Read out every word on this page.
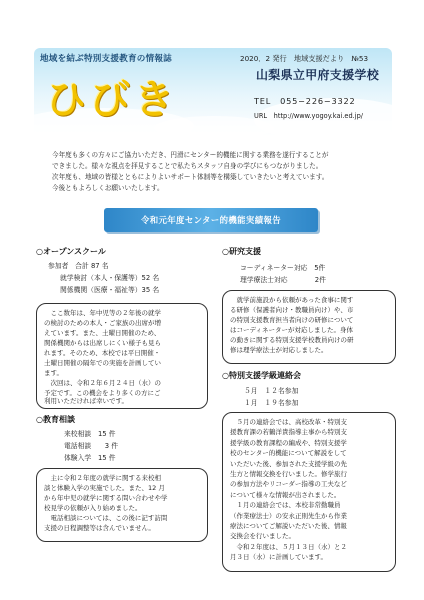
地域を結ぶ特別支援教育の情報誌
ひびき
2020．2 発行　地域支援だより　№53
山梨県立甲府支援学校
TEL　055−226−3322
URL　http://www.yogoy.kai.ed.jp/
今年度も多くの方々にご協力いただき、円滑にセンター的機能に関する業務を遂行することが
できました。様々な視点を拝見することで私たちスタッフ自身の学びにもつながりました。
次年度も、地域の皆様とともによりよいサポート体制等を構築していきたいと考えています。
今後ともよろしくお願いいたします。
令和元年度センター的機能実績報告
○オープンスクール
参加者　合計 87 名
就学検討（本人・保護等）52 名
関係機関（医療・福祉等）35 名
ここ数年は、年中児等の２年後の就学
の検討のための本人・ご家族の出席が増
えています。また、土曜日開催のため、
関係機関からは出席しにくい様子も見ら
れます。そのため、本校では平日開催・
土曜日開催の隔年での実施を計画してい
ます。
次回は、令和２年６月２４日（水）の
○教育相談
来校相談　15 件
電話相談　　3 件
体験入学　15 件
主に令和２年度の就学に関する来校相
談と体験入学の実施でした。また、12 月
から年中児の就学に関する問い合わせや学
校見学の依頼が入り始めました。
電話相談については、この後に記す訪問
支援の日程調整等は含んでいません。
○研究支援
コーディネーター対応　5件
理学療法士対応　　　　2件
就学前施設から依頼があった食事に関す
る研修（保護者向け・教職員向け）や、市
の特別支援教育担当者向けの研修について
はコーディネーターが対応しました。身体
の動きに関する特別支援学校教員向けの研
修は理学療法士が対応しました。
○特別支援学級連絡会
５月　１２名参加
１月　１９名参加
５月の連絡会では、高校改革・特別支
援教育課の若鶴洋貴指導主事から特別支
援学級の教育課程の編成や、特別支援学
校のセンター的機能について解説をして
いただいた後、参加された支援学級の先
生方と情報交換を行いました。修学旅行
の参加方法やリコーダー指導の工夫など
について様々な情報が出されました。
１月の連絡会では、本校非常勤職員
（作業療法士）の安永正則先生から作業
療法についてご解説いただいた後、情報
交換会を行いました。
令和２年度は、５月１３日（水）と２
月３日（水）に計画しています。
予定です。この機会をより多くの方にご
利用いただければ幸いです。
